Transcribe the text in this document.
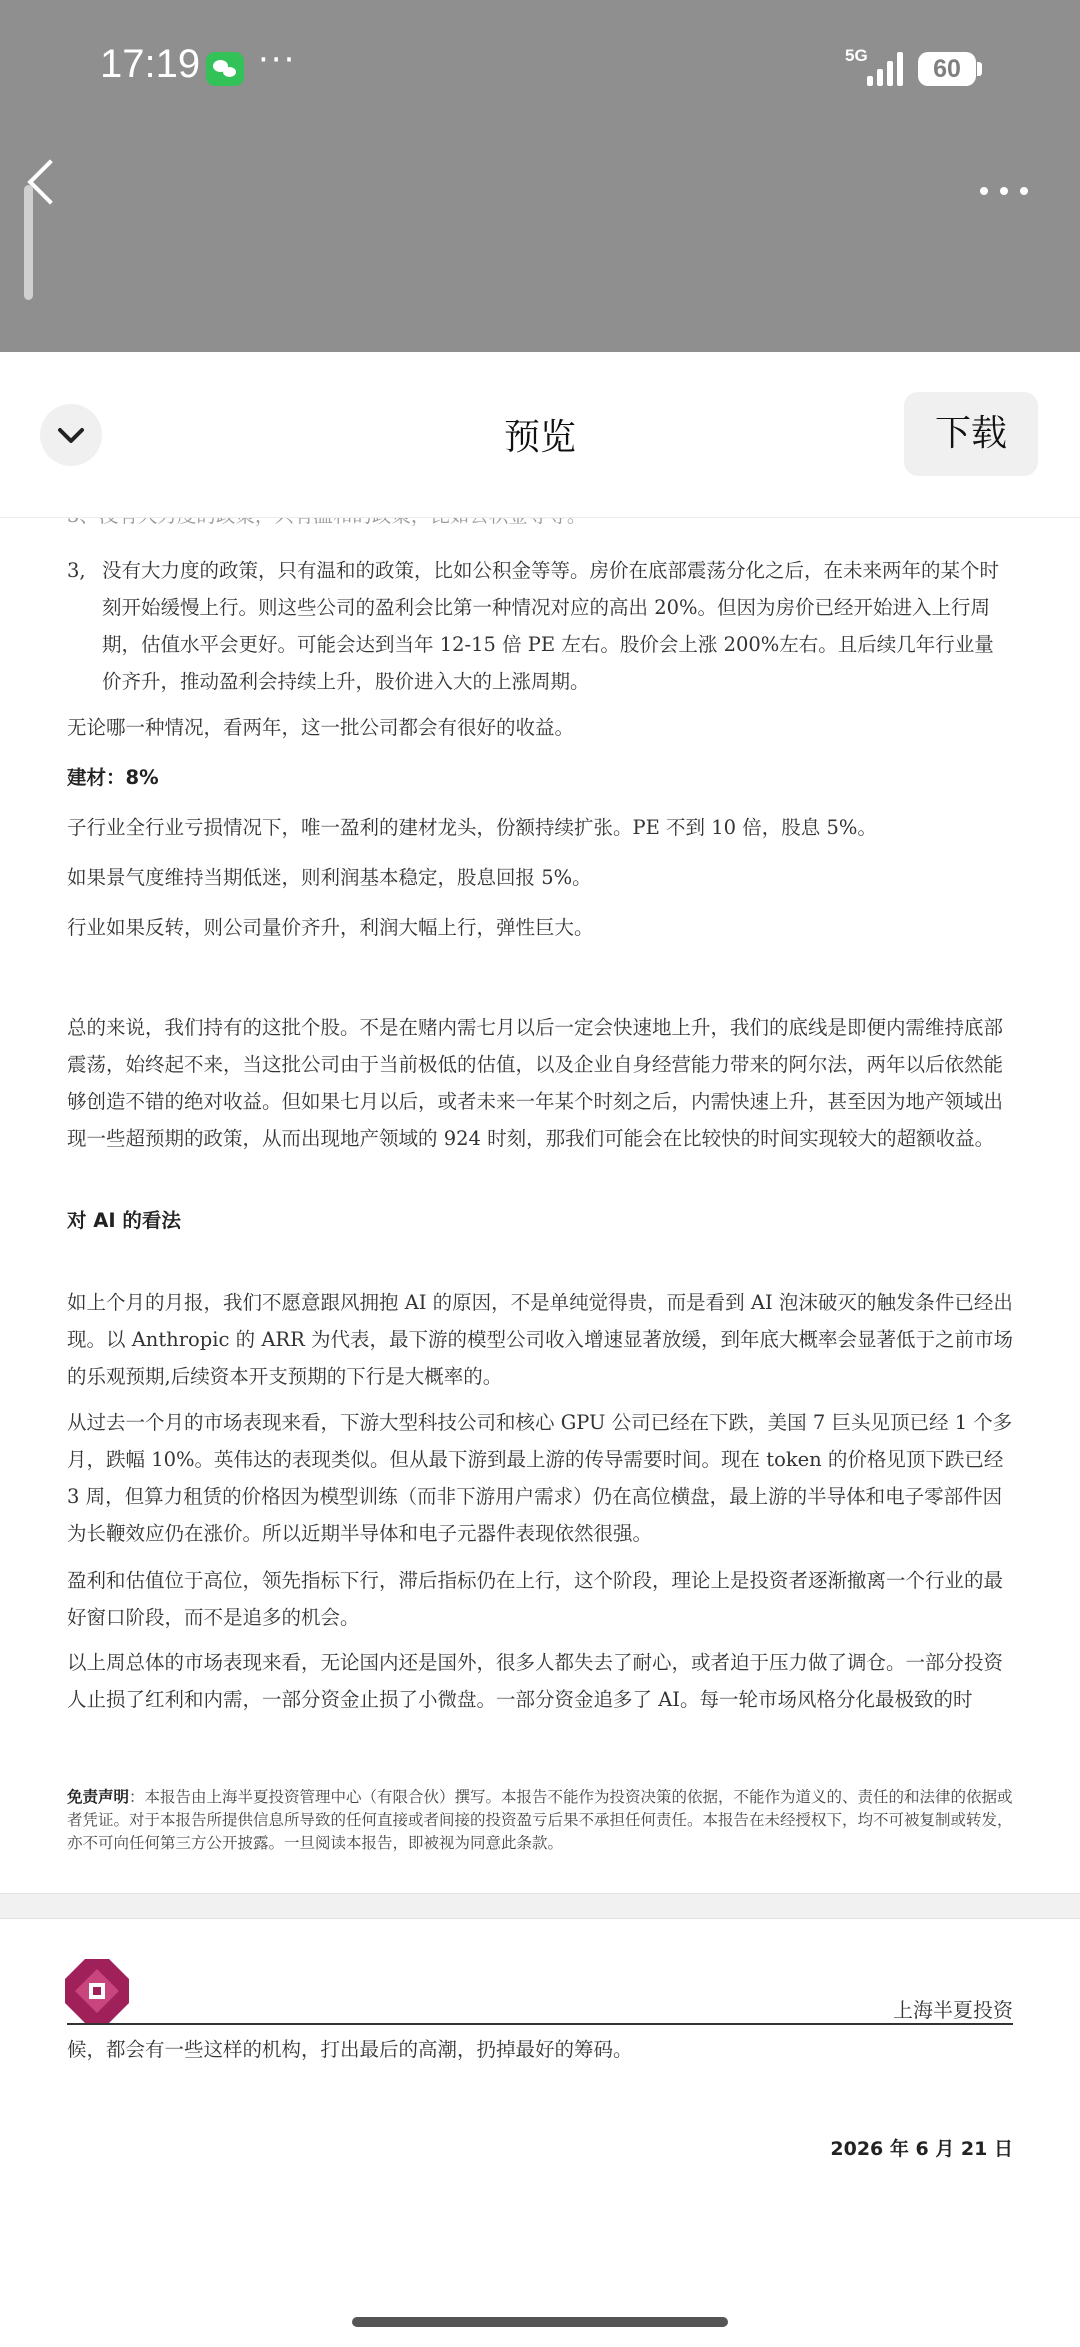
17:19 ···	5G	60
预览	下载
3, 没有大力度的政策，只有温和的政策，比如公积金等等。房价在底部震荡分化之后，在未来两年的某个时刻开始缓慢上行。则这些公司的盈利会比第一种情况对应的高出 20%。但因为房价已经开始进入上行周期，估值水平会更好。可能会达到当年 12-15 倍 PE 左右。股价会上涨 200%左右。且后续几年行业量价齐升，推动盈利会持续上升，股价进入大的上涨周期。
无论哪一种情况，看两年，这一批公司都会有很好的收益。
建材：8%
子行业全行业亏损情况下，唯一盈利的建材龙头，份额持续扩张。PE 不到 10 倍，股息 5%。
如果景气度维持当期低迷，则利润基本稳定，股息回报 5%。
行业如果反转，则公司量价齐升，利润大幅上行，弹性巨大。
总的来说，我们持有的这批个股。不是在赌内需七月以后一定会快速地上升，我们的底线是即便内需维持底部震荡，始终起不来，当这批公司由于当前极低的估值，以及企业自身经营能力带来的阿尔法，两年以后依然能够创造不错的绝对收益。但如果七月以后，或者未来一年某个时刻之后，内需快速上升，甚至因为地产领域出现一些超预期的政策，从而出现地产领域的 924 时刻，那我们可能会在比较快的时间实现较大的超额收益。
对 AI 的看法
如上个月的月报，我们不愿意跟风拥抱 AI 的原因，不是单纯觉得贵，而是看到 AI 泡沫破灭的触发条件已经出现。以 Anthropic 的 ARR 为代表，最下游的模型公司收入增速显著放缓，到年底大概率会显著低于之前市场的乐观预期,后续资本开支预期的下行是大概率的。
从过去一个月的市场表现来看，下游大型科技公司和核心 GPU 公司已经在下跌，美国 7 巨头见顶已经 1 个多月，跌幅 10%。英伟达的表现类似。但从最下游到最上游的传导需要时间。现在 token 的价格见顶下跌已经 3 周，但算力租赁的价格因为模型训练（而非下游用户需求）仍在高位横盘，最上游的半导体和电子零部件因为长鞭效应仍在涨价。所以近期半导体和电子元器件表现依然很强。
盈利和估值位于高位，领先指标下行，滞后指标仍在上行，这个阶段，理论上是投资者逐渐撤离一个行业的最好窗口阶段，而不是追多的机会。
以上周总体的市场表现来看，无论国内还是国外，很多人都失去了耐心，或者迫于压力做了调仓。一部分投资人止损了红利和内需，一部分资金止损了小微盘。一部分资金追多了 AI。每一轮市场风格分化最极致的时
免责声明：本报告由上海半夏投资管理中心（有限合伙）撰写。本报告不能作为投资决策的依据，不能作为道义的、责任的和法律的依据或者凭证。对于本报告所提供信息所导致的任何直接或者间接的投资盈亏后果不承担任何责任。本报告在未经授权下，均不可被复制或转发，亦不可向任何第三方公开披露。一旦阅读本报告，即被视为同意此条款。
上海半夏投资
候，都会有一些这样的机构，打出最后的高潮，扔掉最好的筹码。
2026 年 6 月 21 日
